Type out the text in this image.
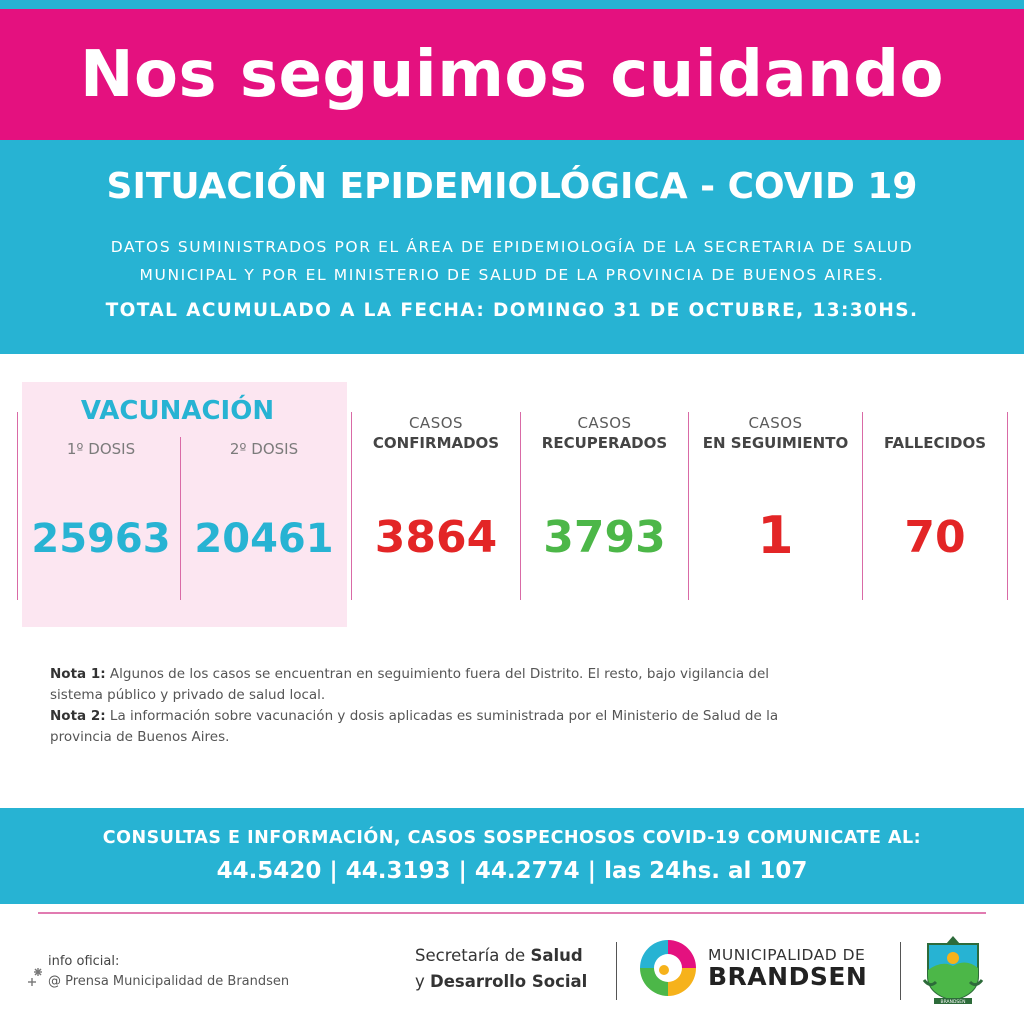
Nos seguimos cuidando
SITUACIÓN EPIDEMIOLÓGICA - COVID 19
DATOS SUMINISTRADOS POR EL ÁREA DE EPIDEMIOLOGÍA DE LA SECRETARIA DE SALUD
MUNICIPAL Y POR EL MINISTERIO DE SALUD DE LA PROVINCIA DE BUENOS AIRES.
TOTAL ACUMULADO A LA FECHA: DOMINGO 31 DE OCTUBRE, 13:30HS.
VACUNACIÓN
1º DOSIS	2º DOSIS
25963 20461
CASOS
CONFIRMADOS
3864
CASOS
RECUPERADOS
3793
CASOS
EN SEGUIMIENTO
1
FALLECIDOS
70
Nota 1: Algunos de los casos se encuentran en seguimiento fuera del Distrito. El resto, bajo vigilancia del sistema público y privado de salud local.
Nota 2: La información sobre vacunación y dosis aplicadas es suministrada por el Ministerio de Salud de la provincia de Buenos Aires.
CONSULTAS E INFORMACIÓN, CASOS SOSPECHOSOS COVID-19 COMUNICATE AL:
44.5420 | 44.3193 | 44.2774 | las 24hs. al 107
info oficial:
@ Prensa Municipalidad de Brandsen
Secretaría de Salud
y Desarrollo Social
MUNICIPALIDAD DE
BRANDSEN
BRANDSEN
